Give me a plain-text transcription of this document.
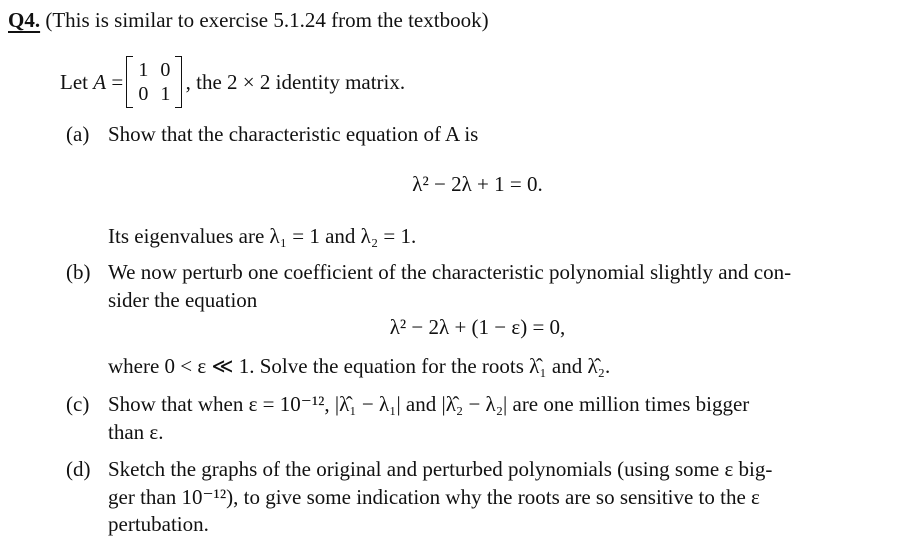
Q4. (This is similar to exercise 5.1.24 from the textbook)
Let A = 1	0
0	1 , the 2 × 2 identity matrix.
(a) Show that the characteristic equation of A is
λ² − 2λ + 1 = 0.
Its eigenvalues are λ₁ = 1 and λ₂ = 1.
(b) We now perturb one coefficient of the characteristic polynomial slightly and con-
sider the equation
λ² − 2λ + (1 − ε) = 0,
where 0 < ε ≪ 1. Solve the equation for the roots λ̂₁ and λ̂₂.
(c) Show that when ε = 10⁻¹², |λ̂₁ − λ₁| and |λ̂₂ − λ₂| are one million times bigger
than ε.
(d) Sketch the graphs of the original and perturbed polynomials (using some ε big-
ger than 10⁻¹²), to give some indication why the roots are so sensitive to the ε
pertubation.
